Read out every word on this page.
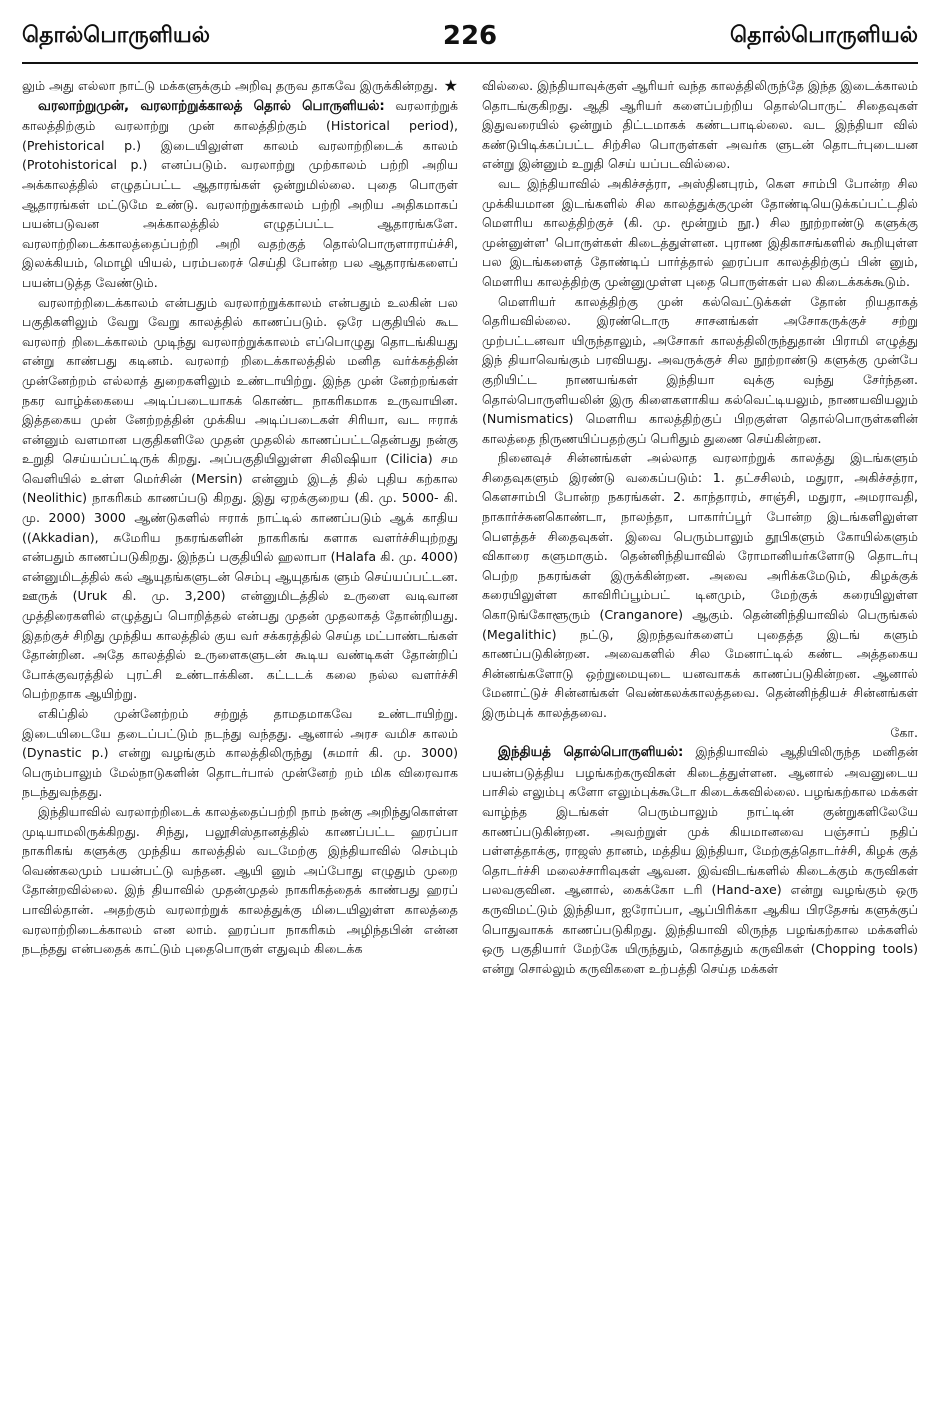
தொல்பொருளியல்	226	தொல்பொருளியல்

லும் அது எல்லா நாட்டு மக்களுக்கும் அறிவு தருவ தாகவே இருக்கின்றது. ★

வரலாற்றுமுன், வரலாற்றுக்காலத் தொல் பொருளியல்: வரலாற்றுக் காலத்திற்கும் வரலாற்று முன் காலத்திற்கும் (Historical period), (Prehistorical p.) இடையிலுள்ள காலம் வரலாற்றிடைக் காலம் (Protohistorical p.) எனப்படும். வரலாற்று முற்காலம் பற்றி அறிய அக்காலத்தில் எழுதப்பட்ட ஆதாரங்கள் ஒன்றுமில்லை. புதை பொருள் ஆதாரங்கள் மட்டுமே உண்டு. வரலாற்றுக்காலம் பற்றி அறிய அதிகமாகப் பயன்படுவன அக்காலத்தில் எழுதப்பட்ட ஆதாரங்களே. வரலாற்றிடைக்காலத்தைப்பற்றி அறி வதற்குத் தொல்பொருளாராய்ச்சி, இலக்கியம், மொழி யியல், பரம்பரைச் செய்தி போன்ற பல ஆதாரங்களைப் பயன்படுத்த வேண்டும்.

வரலாற்றிடைக்காலம் என்பதும் வரலாற்றுக்காலம் என்பதும் உலகின் பல பகுதிகளிலும் வேறு வேறு காலத்தில் காணப்படும். ஒரே பகுதியில் கூட வரலாற் றிடைக்காலம் முடிந்து வரலாற்றுக்காலம் எப்பொழுது தொடங்கியது என்று காண்பது கடினம். வரலாற் றிடைக்காலத்தில் மனித வர்க்கத்தின் முன்னேற்றம் எல்லாத் துறைகளிலும் உண்டாயிற்று. இந்த முன் னேற்றங்கள் நகர வாழ்க்கையை அடிப்படையாகக் கொண்ட நாகரிகமாக உருவாயின. இத்தகைய முன் னேற்றத்தின் முக்கிய அடிப்படைகள் சிரியா, வட ஈராக் என்னும் வளமான பகுதிகளிலே முதன் முதலில் காணப்பட்டதென்பது நன்கு உறுதி செய்யப்பட்டிருக் கிறது. அப்பகுதியிலுள்ள சிலிஷியா (Cilicia) சம வெளியில் உள்ள மெர்சின் (Mersin) என்னும் இடத் தில் புதிய கற்கால (Neolithic) நாகரிகம் காணப்படு கிறது. இது ஏறக்குறைய (கி. மு. 5000- கி. மு. 2000) 3000 ஆண்டுகளில் ஈராக் நாட்டில் காணப்படும் ஆக் காதிய ((Akkadian), சுமேரிய நகரங்களின் நாகரிகங் களாக வளர்ச்சியுற்றது என்பதும் காணப்படுகிறது. இந்தப் பகுதியில் ஹலாபா (Halafa கி. மு. 4000) என்னுமிடத்தில் கல் ஆயுதங்களுடன் செம்பு ஆயுதங்க ளும் செய்யப்பட்டன. ஊருக் (Uruk கி. மு. 3,200) என்னுமிடத்தில் உருளை வடிவான முத்திரைகளில் எழுத்துப் பொறித்தல் என்பது முதன் முதலாகத் தோன்றியது. இதற்குச் சிறிது முந்திய காலத்தில் குய வர் சக்கரத்தில் செய்த மட்பாண்டங்கள் தோன்றின. அதே காலத்தில் உருளைகளுடன் கூடிய வண்டிகள் தோன்றிப் போக்குவரத்தில் புரட்சி உண்டாக்கின. கட்டடக் கலை நல்ல வளர்ச்சி பெற்றதாக ஆயிற்று.

எகிப்தில் முன்னேற்றம் சற்றுத் தாமதமாகவே உண்டாயிற்று. இடையிடையே தடைப்பட்டும் நடந்து வந்தது. ஆனால் அரச வமிச காலம் (Dynastic p.) என்று வழங்கும் காலத்திலிருந்து (சுமார் கி. மு. 3000) பெரும்பாலும் மேல்நாடுகளின் தொடர்பால் முன்னேற் றம் மிக விரைவாக நடந்துவந்தது.

இந்தியாவில் வரலாற்றிடைக் காலத்தைப்பற்றி நாம் நன்கு அறிந்துகொள்ள முடியாமலிருக்கிறது. சிந்து, பலூசிஸ்தானத்தில் காணப்பட்ட ஹரப்பா நாகரிகங் களுக்கு முந்திய காலத்தில் வடமேற்கு இந்தியாவில் செம்பும் வெண்கலமும் பயன்பட்டு வந்தன. ஆயி னும் அப்போது எழுதும் முறை தோன்றவில்லை. இந் தியாவில் முதன்முதல் நாகரிகத்தைக் காண்பது ஹரப் பாவில்தான். அதற்கும் வரலாற்றுக் காலத்துக்கு மிடையிலுள்ள காலத்தை வரலாற்றிடைக்காலம் என லாம். ஹரப்பா நாகரிகம் அழிந்தபின் என்ன நடந்தது என்பதைக் காட்டும் புதைபொருள் எதுவும் கிடைக்க

வில்லை. இந்தியாவுக்குள் ஆரியர் வந்த காலத்திலிருந்தே இந்த இடைக்காலம் தொடங்குகிறது. ஆதி ஆரியர் களைப்பற்றிய தொல்பொருட் சிதைவுகள் இதுவரையில் ஒன்றும் திட்டமாகக் கண்டபாடில்லை. வட இந்தியா வில் கண்டுபிடிக்கப்பட்ட சிற்சில பொருள்கள் அவர்க ளுடன் தொடர்புடையன என்று இன்னும் உறுதி செய் யப்படவில்லை.

வட இந்தியாவில் அகிச்சத்ரா, அஸ்தினபுரம், கௌ சாம்பி போன்ற சில முக்கியமான இடங்களில் சில காலத்துக்குமுன் தோண்டியெடுக்கப்பட்டதில் மௌரிய காலத்திற்குச் (கி. மு. மூன்றும் நூ.) சில நூற்றாண்டு களுக்கு முன்னுள்ள' பொருள்கள் கிடைத்துள்ளன. புராண இதிகாசங்களில் கூறியுள்ள பல இடங்களைத் தோண்டிப் பார்த்தால் ஹரப்பா காலத்திற்குப் பின் னும், மௌரிய காலத்திற்கு முன்னுமுள்ள புதை பொருள்கள் பல கிடைக்கக்கூடும்.

மௌரியர் காலத்திற்கு முன் கல்வெட்டுக்கள் தோன் றியதாகத் தெரியவில்லை. இரண்டொரு சாசனங்கள் அசோகருக்குச் சற்று முற்பட்டனவா யிருந்தாலும், அசோகர் காலத்திலிருந்துதான் பிராமி எழுத்து இந் தியாவெங்கும் பரவியது. அவருக்குச் சில நூற்றாண்டு களுக்கு முன்பே குறியிட்ட நாணயங்கள் இந்தியா வுக்கு வந்து சேர்ந்தன. தொல்பொருளியலின் இரு கிளைகளாகிய கல்வெட்டியலும், நாணயவியலும் (Numismatics) மௌரிய காலத்திற்குப் பிறகுள்ள தொல்பொருள்களின் காலத்தை நிருணயிப்பதற்குப் பெரிதும் துணை செய்கின்றன.

நினைவுச் சின்னங்கள் அல்லாத வரலாற்றுக் காலத்து இடங்களும் சிதைவுகளும் இரண்டு வகைப்படும்: 1. தட்சசிலம், மதுரா, அகிச்சத்ரா, கௌசாம்பி போன்ற நகரங்கள். 2. காந்தாரம், சாஞ்சி, மதுரா, அமராவதி, நாகார்ச்சுனகொண்டா, நாலந்தா, பாகார்ப்பூர் போன்ற இடங்களிலுள்ள பௌத்தச் சிதைவுகள். இவை பெரும்பாலும் தூபிகளும் கோயில்களும் விகாரை களுமாகும். தென்னிந்தியாவில் ரோமானியர்களோடு தொடர்பு பெற்ற நகரங்கள் இருக்கின்றன. அவை அரிக்கமேடும், கிழக்குக் கரையிலுள்ள காவிரிப்பூம்பட் டினமும், மேற்குக் கரையிலுள்ள கொடுங்கோளூரும் (Cranganore) ஆகும். தென்னிந்தியாவில் பெருங்கல் (Megalithic) நட்டு, இறந்தவர்களைப் புதைத்த இடங் களும் காணப்படுகின்றன. அவைகளில் சில மேனாட்டில் கண்ட அத்தகைய சின்னங்களோடு ஒற்றுமையுடை யனவாகக் காணப்படுகின்றன. ஆனால் மேனாட்டுச் சின்னங்கள் வெண்கலக்காலத்தவை. தென்னிந்தியச் சின்னங்கள் இரும்புக் காலத்தவை.

கோ.

இந்தியத் தொல்பொருளியல்: இந்தியாவில் ஆதியிலிருந்த மனிதன் பயன்படுத்திய பழங்கற்கருவிகள் கிடைத்துள்ளன. ஆனால் அவனுடைய பாசில் எலும்பு களோ எலும்புக்கூடோ கிடைக்கவில்லை. பழங்கற்கால மக்கள் வாழ்ந்த இடங்கள் பெரும்பாலும் நாட்டின் குன்றுகளிலேயே காணப்படுகின்றன. அவற்றுள் முக் கியமானவை பஞ்சாப் நதிப் பள்ளத்தாக்கு, ராஜஸ் தானம், மத்திய இந்தியா, மேற்குத்தொடர்ச்சி, கிழக் குத் தொடர்ச்சி மலைச்சாரிவுகள் ஆவன. இவ்விடங்களில் கிடைக்கும் கருவிகள் பலவகுவின. ஆனால், கைக்கோ டரி (Hand-axe) என்று வழங்கும் ஒரு கருவிமட்டும் இந்தியா, ஐரோப்பா, ஆப்பிரிக்கா ஆகிய பிரதேசங் களுக்குப் பொதுவாகக் காணப்படுகிறது. இந்தியாவி லிருந்த பழங்கற்கால மக்களில் ஒரு பகுதியார் மேற்கே யிருந்தும், கொத்தும் கருவிகள் (Chopping tools) என்று சொல்லும் கருவிகளை உற்பத்தி செய்த மக்கள்
